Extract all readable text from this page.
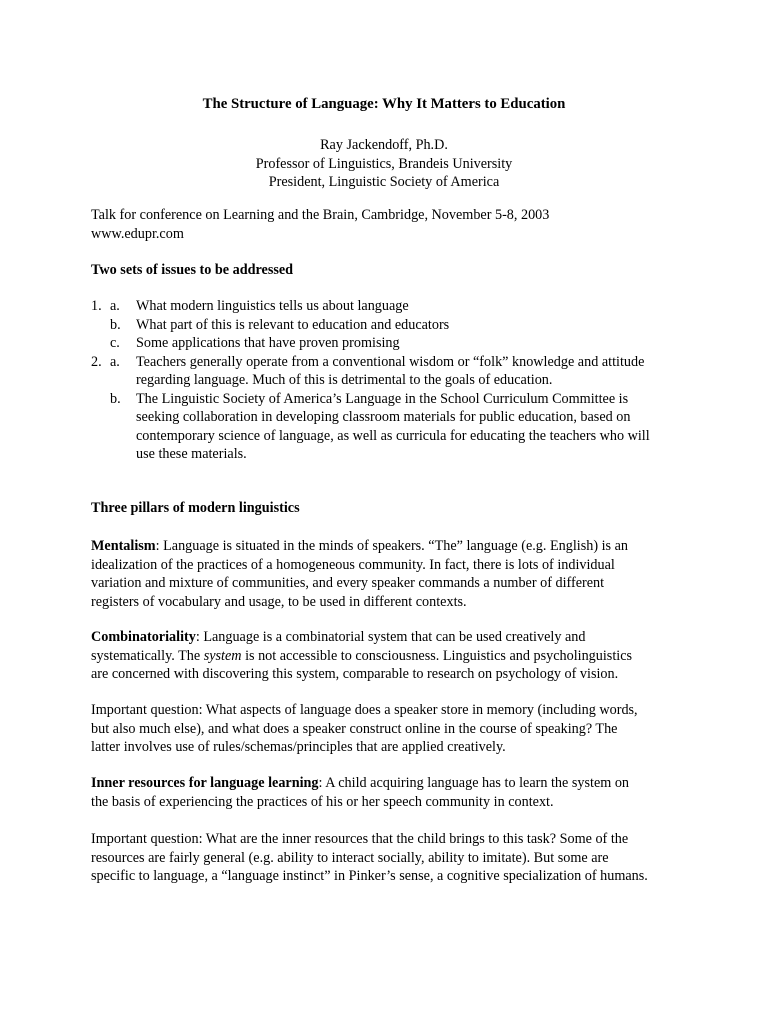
The Structure of Language: Why It Matters to Education
Ray Jackendoff, Ph.D.
Professor of Linguistics, Brandeis University
President, Linguistic Society of America
Talk for conference on Learning and the Brain, Cambridge, November 5-8, 2003
www.edupr.com
Two sets of issues to be addressed
1. a.	What modern linguistics tells us about language
b.	What part of this is relevant to education and educators
c.	Some applications that have proven promising
2. a.	Teachers generally operate from a conventional wisdom or “folk” knowledge and attitude
regarding language. Much of this is detrimental to the goals of education.
b.	The Linguistic Society of America’s Language in the School Curriculum Committee is
seeking collaboration in developing classroom materials for public education, based on
contemporary science of language, as well as curricula for educating the teachers who will
use these materials.
Three pillars of modern linguistics
Mentalism: Language is situated in the minds of speakers. “The” language (e.g. English) is an
idealization of the practices of a homogeneous community. In fact, there is lots of individual
variation and mixture of communities, and every speaker commands a number of different
registers of vocabulary and usage, to be used in different contexts.
Combinatoriality: Language is a combinatorial system that can be used creatively and
systematically. The system is not accessible to consciousness. Linguistics and psycholinguistics
are concerned with discovering this system, comparable to research on psychology of vision.
Important question: What aspects of language does a speaker store in memory (including words,
but also much else), and what does a speaker construct online in the course of speaking? The
latter involves use of rules/schemas/principles that are applied creatively.
Inner resources for language learning: A child acquiring language has to learn the system on
the basis of experiencing the practices of his or her speech community in context.
Important question: What are the inner resources that the child brings to this task? Some of the
resources are fairly general (e.g. ability to interact socially, ability to imitate). But some are
specific to language, a “language instinct” in Pinker’s sense, a cognitive specialization of humans.
